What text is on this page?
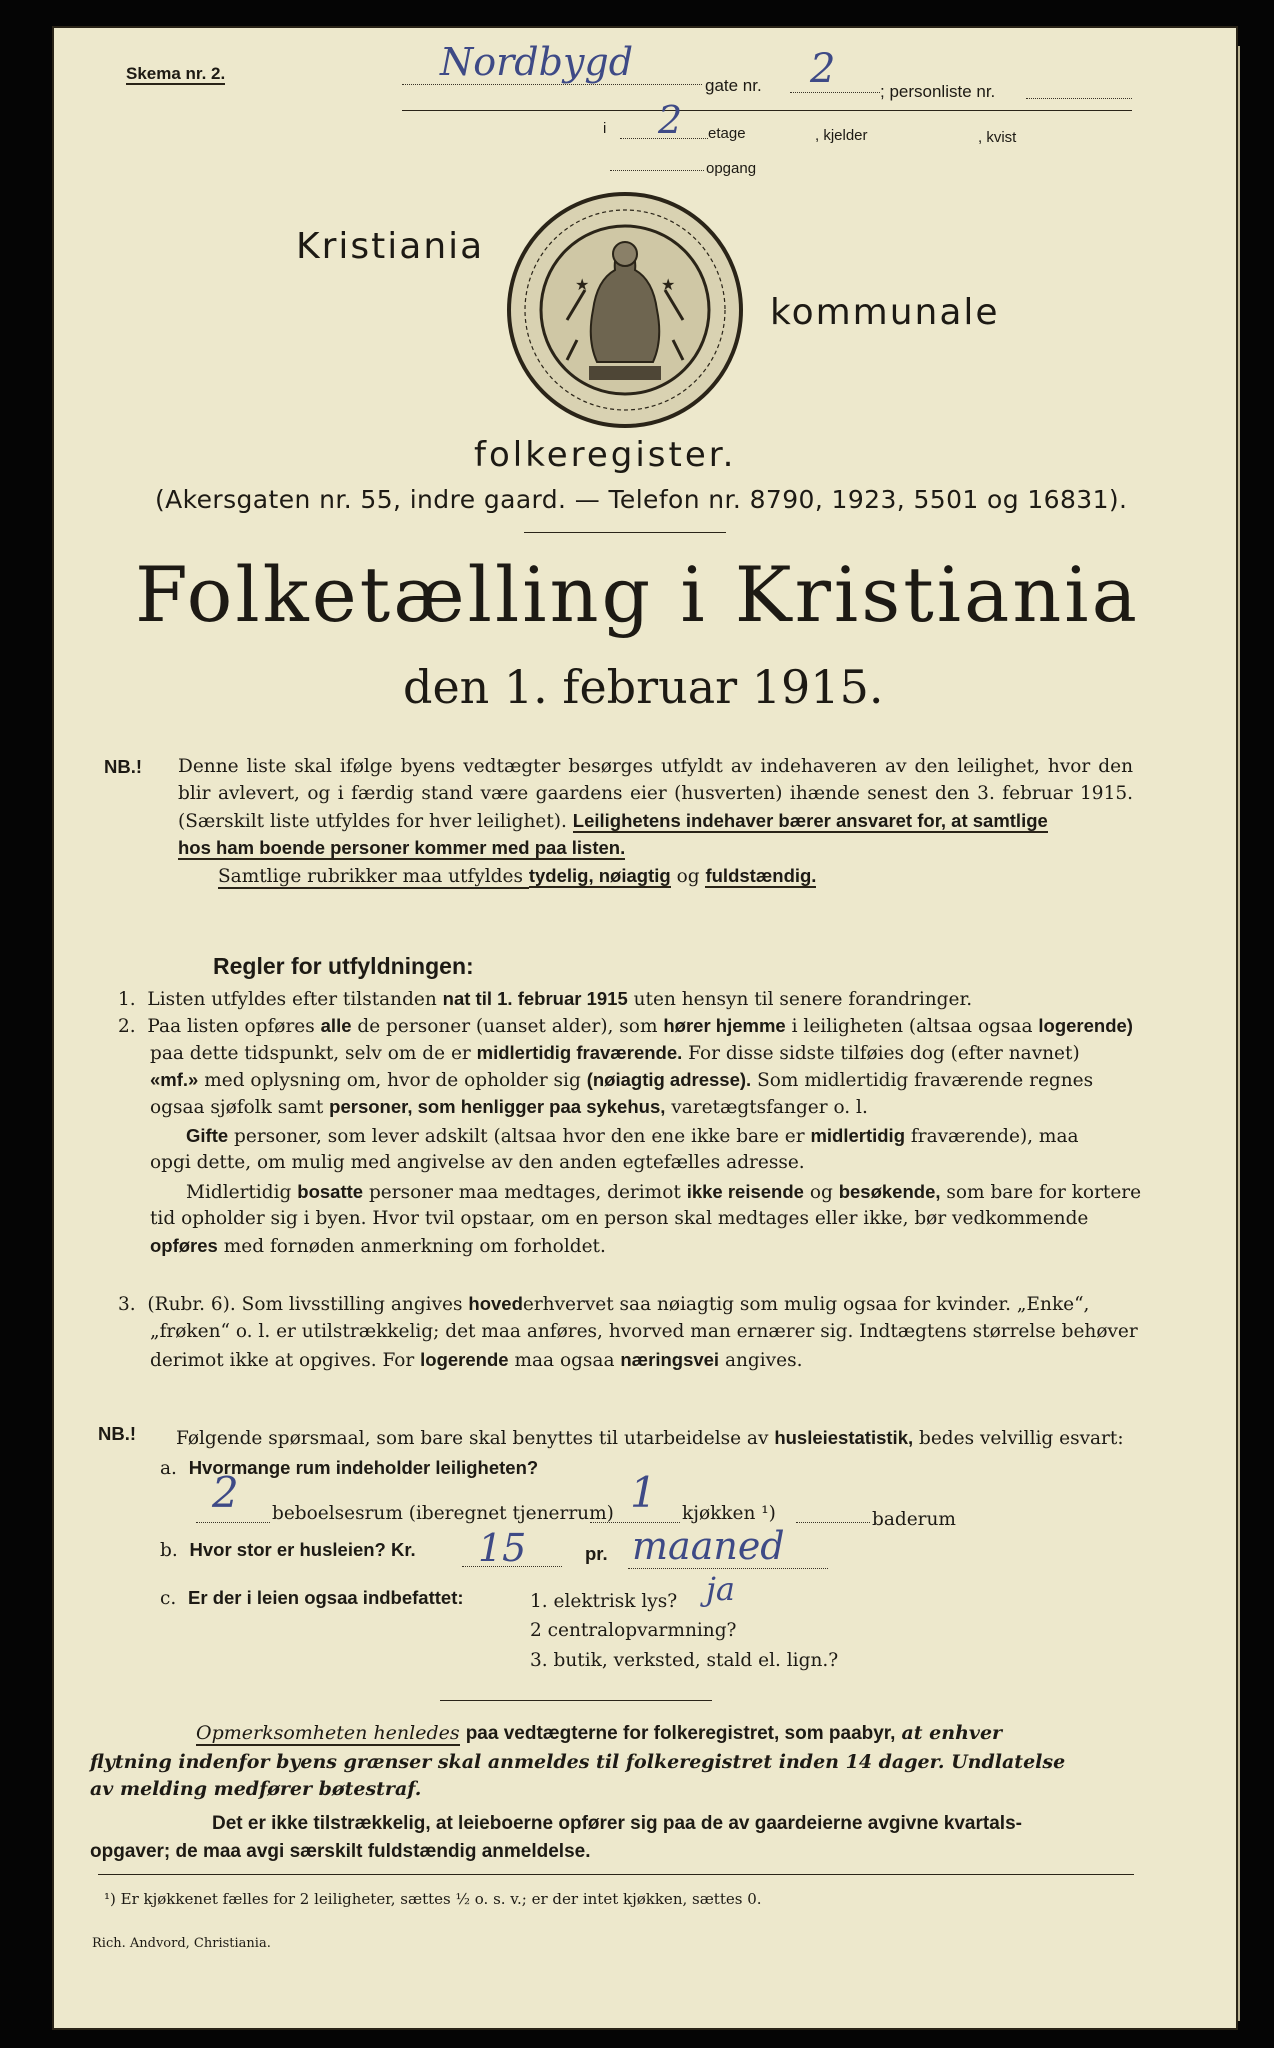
Skema nr. 2.	Nordbygd
gate nr. 2	; personliste nr.
i 2 etage	, kjelder	, kvist
opgang
Kristiania
★	★
kommunale
folkeregister.
(Akersgaten nr. 55, indre gaard. — Telefon nr. 8790, 1923, 5501 og 16831).
Folketælling i Kristiania
den 1. februar 1915.
NB.! Denne liste skal ifølge byens vedtægter besørges utfyldt av indehaveren av den leilighet, hvor den
blir avlevert, og i færdig stand være gaardens eier (husverten) ihænde senest den 3. februar 1915.
(Særskilt liste utfyldes for hver leilighet). Leilighetens indehaver bærer ansvaret for, at samtlige
hos ham boende personer kommer med paa listen.
Samtlige rubrikker maa utfyldes tydelig, nøiagtig og fuldstændig.
Regler for utfyldningen:
1. Listen utfyldes efter tilstanden nat til 1. februar 1915 uten hensyn til senere forandringer.
2. Paa listen opføres alle de personer (uanset alder), som hører hjemme i leiligheten (altsaa ogsaa logerende)
paa dette tidspunkt, selv om de er midlertidig fraværende. For disse sidste tilføies dog (efter navnet)
«mf.» med oplysning om, hvor de opholder sig (nøiagtig adresse). Som midlertidig fraværende regnes
ogsaa sjøfolk samt personer, som henligger paa sykehus, varetægtsfanger o. l.
Gifte personer, som lever adskilt (altsaa hvor den ene ikke bare er midlertidig fraværende), maa
opgi dette, om mulig med angivelse av den anden egtefælles adresse.
Midlertidig bosatte personer maa medtages, derimot ikke reisende og besøkende, som bare for kortere
tid opholder sig i byen. Hvor tvil opstaar, om en person skal medtages eller ikke, bør vedkommende
opføres med fornøden anmerkning om forholdet.
3. (Rubr. 6). Som livsstilling angives hovederhvervet saa nøiagtig som mulig ogsaa for kvinder. „Enke“,
„frøken“ o. l. er utilstrækkelig; det maa anføres, hvorved man ernærer sig. Indtægtens størrelse behøver
derimot ikke at opgives. For logerende maa ogsaa næringsvei angives.
NB.! Følgende spørsmaal, som bare skal benyttes til utarbeidelse av husleiestatistik, bedes velvillig esvart:
a. Hvormange rum indeholder leiligheten?
2 beboelsesrum (iberegnet tjenerrum) 1 kjøkken ¹)	baderum
b. Hvor stor er husleien? Kr. 15	pr. maaned
c. Er der i leien ogsaa indbefattet:	1. elektrisk lys? ja
2 centralopvarmning?
3. butik, verksted, stald el. lign.?
Opmerksomheten henledes paa vedtægterne for folkeregistret, som paabyr, at enhver
flytning indenfor byens grænser skal anmeldes til folkeregistret inden 14 dager. Undlatelse
av melding medfører bøtestraf.
Det er ikke tilstrækkelig, at leieboerne opfører sig paa de av gaardeierne avgivne kvartals-
opgaver; de maa avgi særskilt fuldstændig anmeldelse.
¹) Er kjøkkenet fælles for 2 leiligheter, sættes ½ o. s. v.; er der intet kjøkken, sættes 0.
Rich. Andvord, Christiania.
